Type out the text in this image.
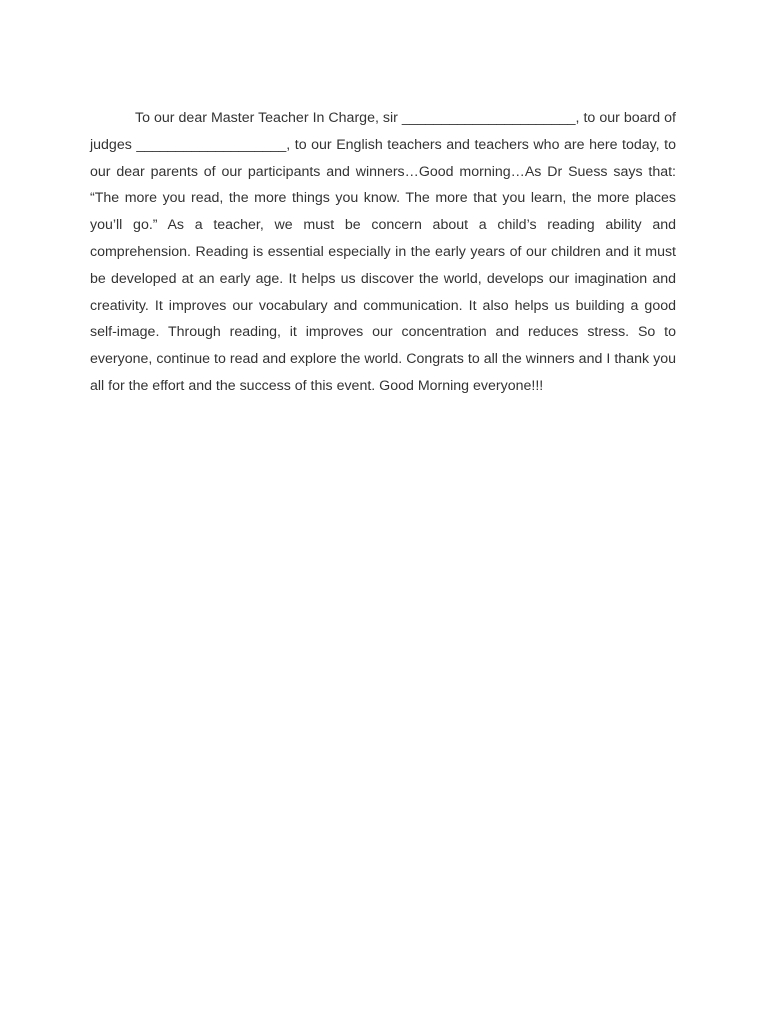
To our dear Master Teacher In Charge, sir ______________________, to our board of judges ___________________, to our English teachers and teachers who are here today, to our dear parents of our participants and winners…Good morning…As Dr Suess says that: “The more you read, the more things you know. The more that you learn, the more places you’ll go.” As a teacher, we must be concern about a child’s reading ability and comprehension. Reading is essential especially in the early years of our children and it must be developed at an early age. It helps us discover the world, develops our imagination and creativity. It improves our vocabulary and communication. It also helps us building a good self-image. Through reading, it improves our concentration and reduces stress. So to everyone, continue to read and explore the world. Congrats to all the winners and I thank you all for the effort and the success of this event. Good Morning everyone!!!
